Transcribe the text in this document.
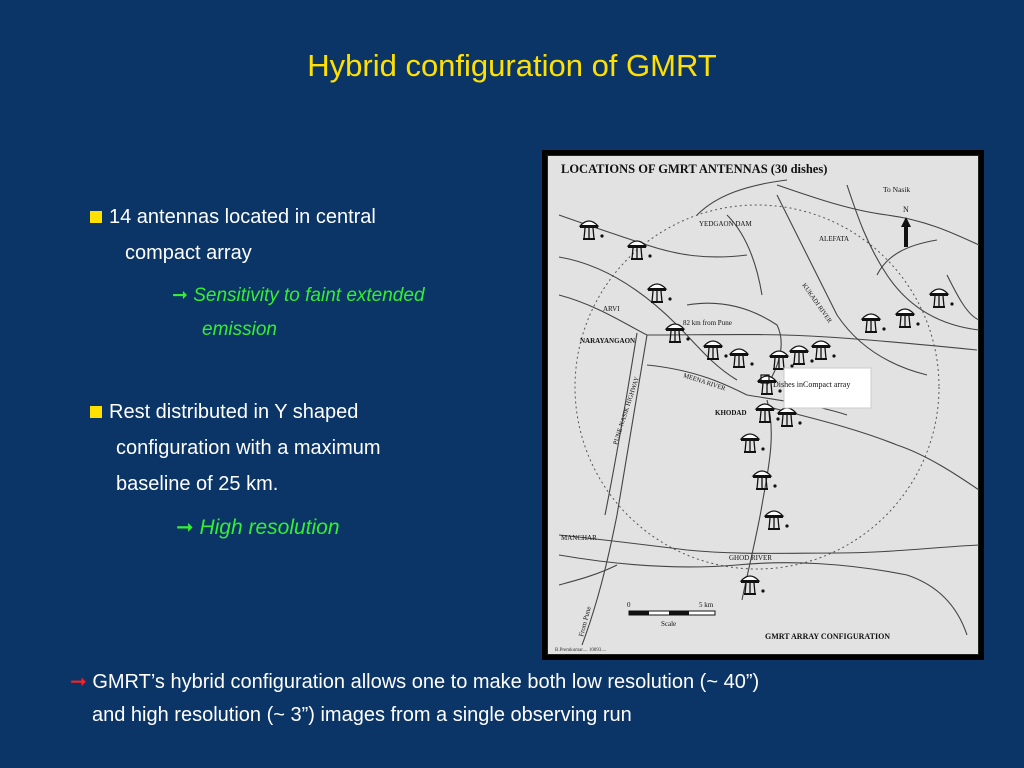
Hybrid configuration of GMRT
14 antennas located in central
compact array
➞ Sensitivity to faint extended
emission
Rest distributed in Y shaped
configuration with a maximum
baseline of 25 km.
➞ High resolution
➞ GMRT’s hybrid configuration allows one to make both low resolution (~ 40”)
and high resolution (~ 3”) images from a single observing run
LOCATIONS OF GMRT ANTENNAS (30 dishes)
To Nasik
N
YEDGAON DAM
ALEFATA
KUKADI RIVER
ARVI
NARAYANGAON
82 km from Pune
PUNE-NASIK HIGHWAY	MEENA RIVER
KHODAD
MANCHAR
GHOD RIVER
From Pune
0	5 km
Scale
GMRT ARRAY CONFIGURATION
B.Premkumar.... 10893....
Dishes inCompact array
